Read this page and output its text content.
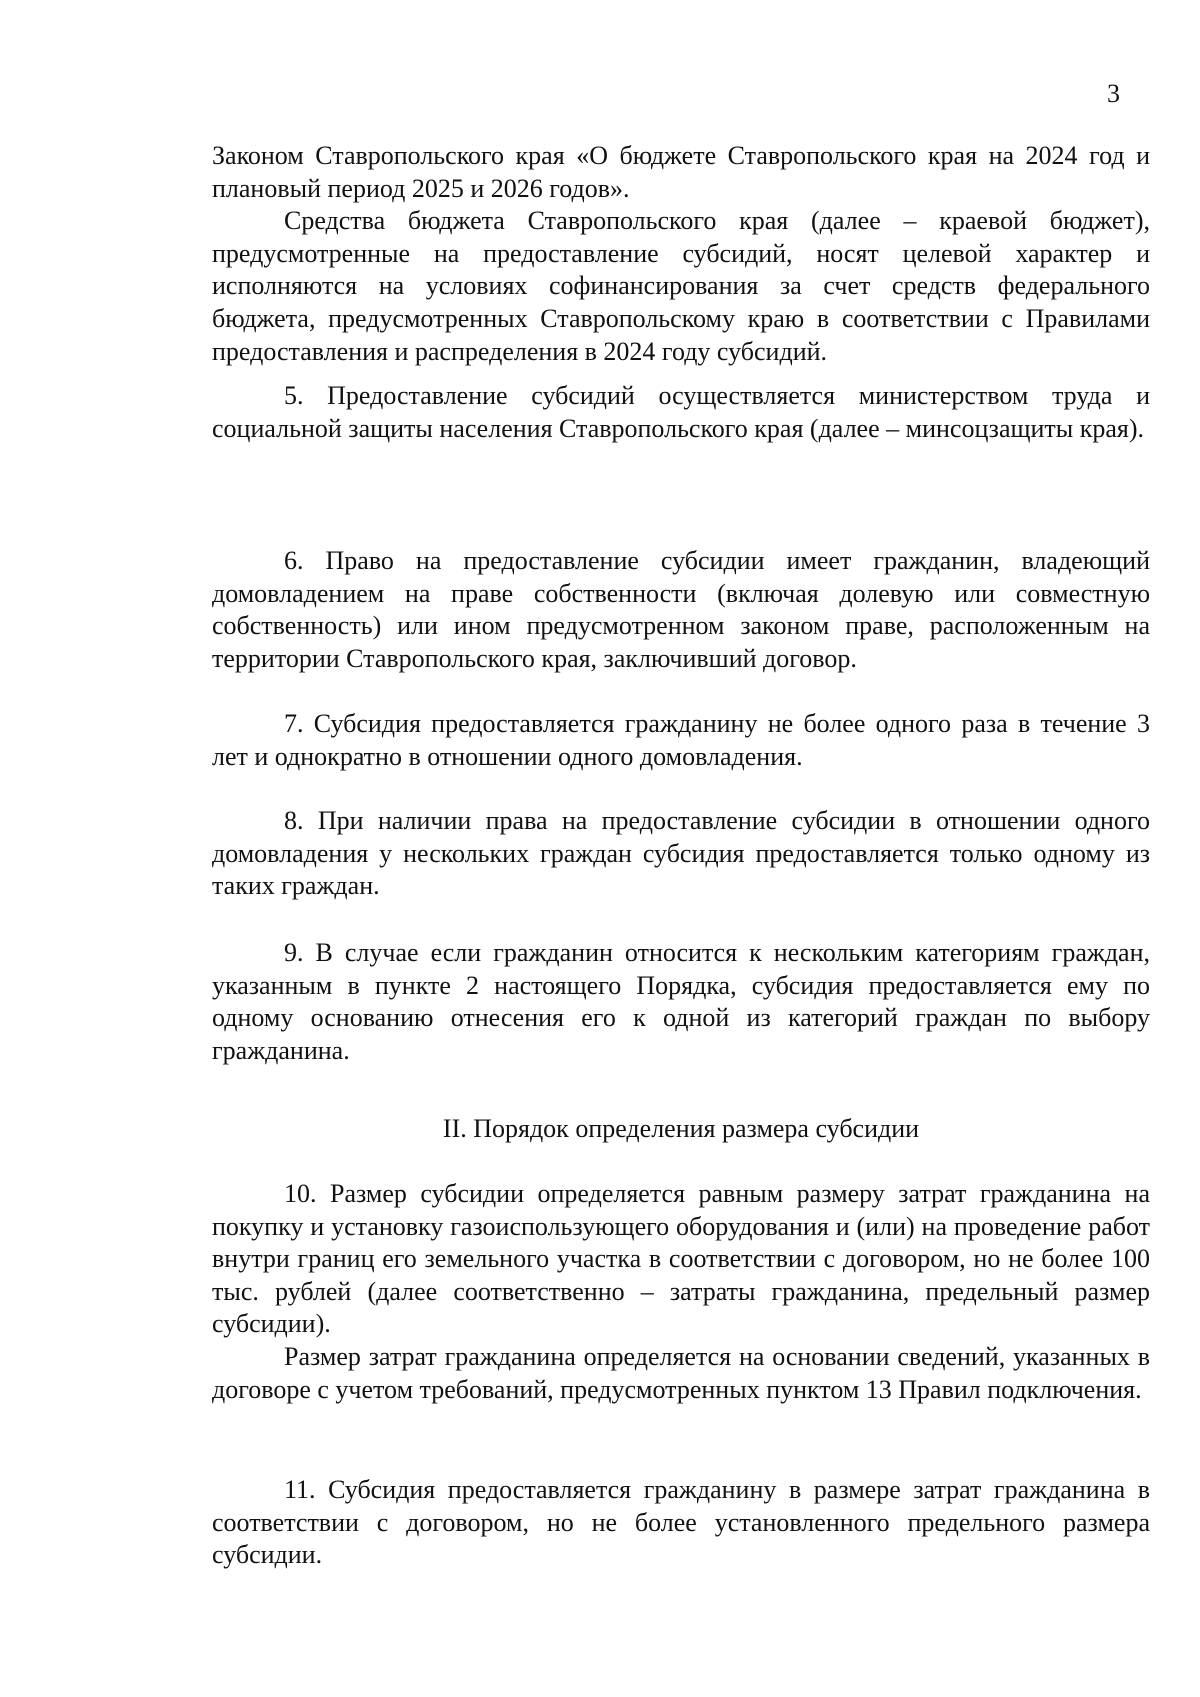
3

Законом Ставропольского края «О бюджете Ставропольского края на 2024 год и плановый период 2025 и 2026 годов».

Средства бюджета Ставропольского края (далее – краевой бюджет), предусмотренные на предоставление субсидий, носят целевой характер и исполняются на условиях софинансирования за счет средств федерального бюджета, предусмотренных Ставропольскому краю в соответствии с Правилами предоставления и распределения в 2024 году субсидий.

5. Предоставление субсидий осуществляется министерством труда и социальной защиты населения Ставропольского края (далее – минсоцзащиты края).

6. Право на предоставление субсидии имеет гражданин, владеющий домовладением на праве собственности (включая долевую или совместную собственность) или ином предусмотренном законом праве, расположенным на территории Ставропольского края, заключивший договор.

7. Субсидия предоставляется гражданину не более одного раза в течение 3 лет и однократно в отношении одного домовладения.

8. При наличии права на предоставление субсидии в отношении одного домовладения у нескольких граждан субсидия предоставляется только одному из таких граждан.

9. В случае если гражданин относится к нескольким категориям граждан, указанным в пункте 2 настоящего Порядка, субсидия предоставляется ему по одному основанию отнесения его к одной из категорий граждан по выбору гражданина.

II. Порядок определения размера субсидии

10. Размер субсидии определяется равным размеру затрат гражданина на покупку и установку газоиспользующего оборудования и (или) на проведение работ внутри границ его земельного участка в соответствии с договором, но не более 100 тыс. рублей (далее соответственно – затраты гражданина, предельный размер субсидии).

Размер затрат гражданина определяется на основании сведений, указанных в договоре с учетом требований, предусмотренных пунктом 13 Правил подключения.

11. Субсидия предоставляется гражданину в размере затрат гражданина в соответствии с договором, но не более установленного предельного размера субсидии.
